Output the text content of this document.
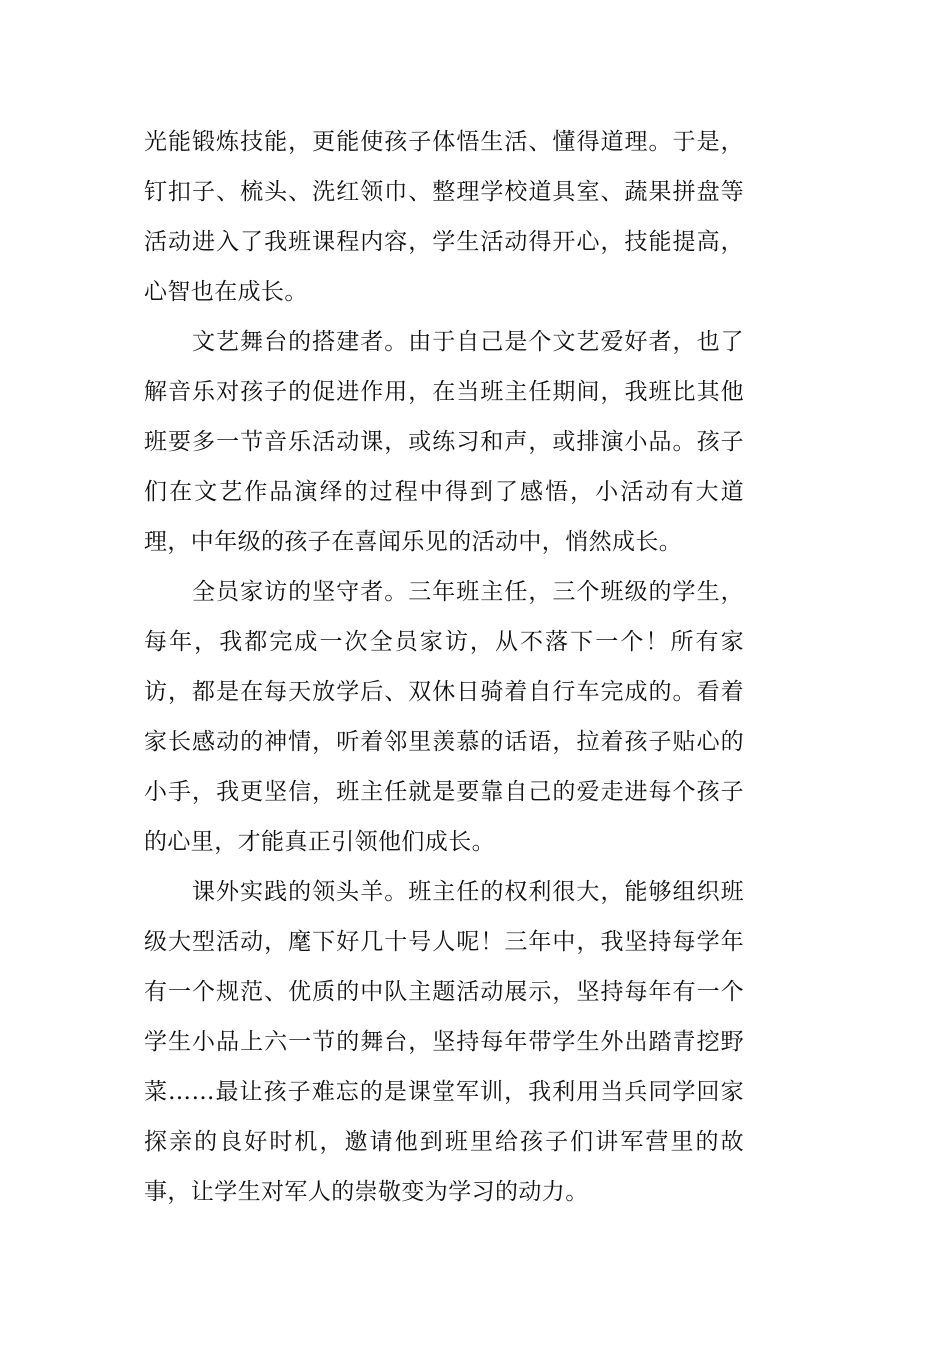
光能锻炼技能，更能使孩子体悟生活、懂得道理。于是，钉扣子、梳头、洗红领巾、整理学校道具室、蔬果拼盘等活动进入了我班课程内容，学生活动得开心，技能提高，心智也在成长。

文艺舞台的搭建者。由于自己是个文艺爱好者，也了解音乐对孩子的促进作用，在当班主任期间，我班比其他班要多一节音乐活动课，或练习和声，或排演小品。孩子们在文艺作品演绎的过程中得到了感悟，小活动有大道理，中年级的孩子在喜闻乐见的活动中，悄然成长。

全员家访的坚守者。三年班主任，三个班级的学生，每年，我都完成一次全员家访，从不落下一个！所有家访，都是在每天放学后、双休日骑着自行车完成的。看着家长感动的神情，听着邻里羡慕的话语，拉着孩子贴心的小手，我更坚信，班主任就是要靠自己的爱走进每个孩子的心里，才能真正引领他们成长。

课外实践的领头羊。班主任的权利很大，能够组织班级大型活动，麾下好几十号人呢！三年中，我坚持每学年有一个规范、优质的中队主题活动展示，坚持每年有一个学生小品上六一节的舞台，坚持每年带学生外出踏青挖野菜……最让孩子难忘的是课堂军训，我利用当兵同学回家探亲的良好时机，邀请他到班里给孩子们讲军营里的故事，让学生对军人的崇敬变为学习的动力。
